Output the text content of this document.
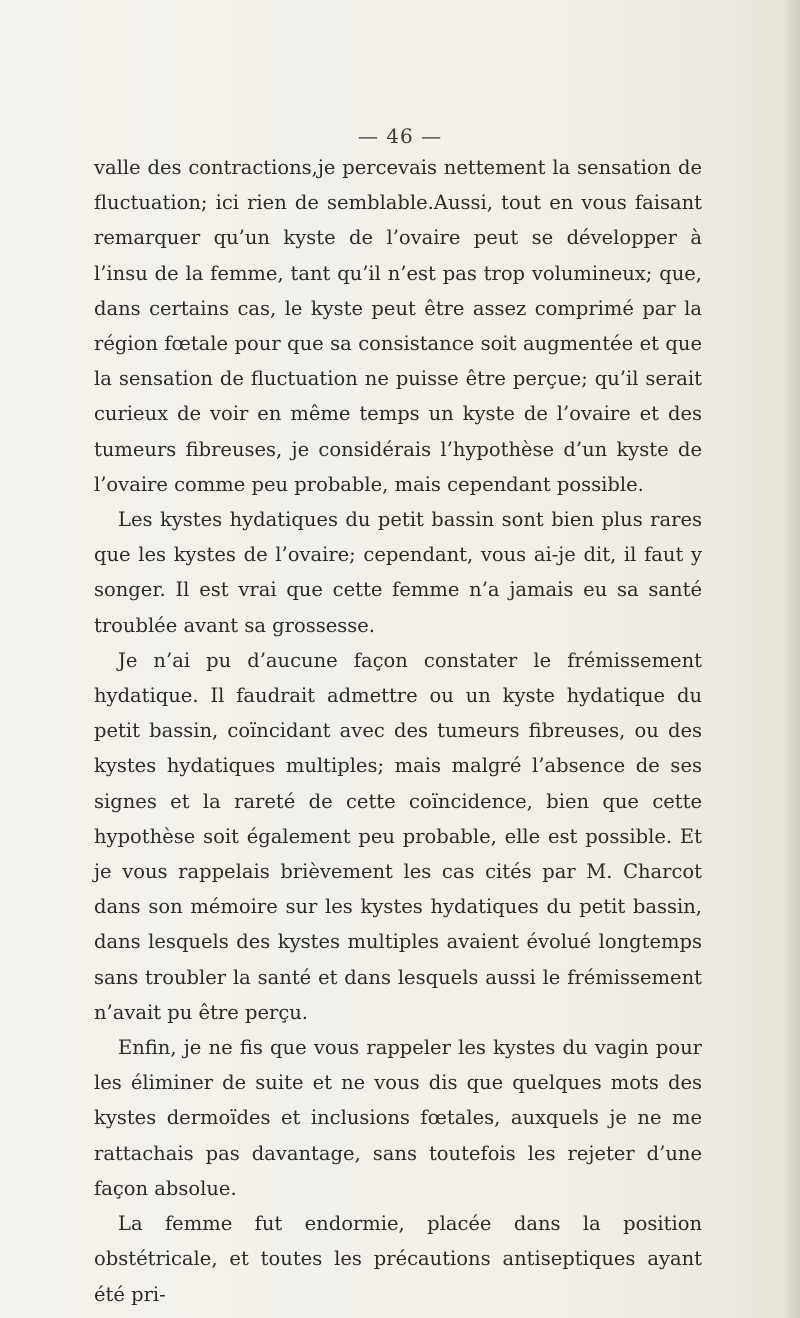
— 46 —

valle des contractions,je percevais nettement la sensation de fluctuation; ici rien de semblable.Aussi, tout en vous faisant remarquer qu’un kyste de l’ovaire peut se développer à l’insu de la femme, tant qu’il n’est pas trop volumineux; que, dans certains cas, le kyste peut être assez comprimé par la région fœtale pour que sa consistance soit augmentée et que la sensation de fluctuation ne puisse être perçue; qu’il serait curieux de voir en même temps un kyste de l’ovaire et des tumeurs fibreuses, je considérais l’hypothèse d’un kyste de l’ovaire comme peu probable, mais cependant possible.

Les kystes hydatiques du petit bassin sont bien plus rares que les kystes de l’ovaire; cependant, vous ai-je dit, il faut y songer. Il est vrai que cette femme n’a jamais eu sa santé troublée avant sa grossesse.

Je n’ai pu d’aucune façon constater le frémissement hydatique. Il faudrait admettre ou un kyste hydatique du petit bassin, coïncidant avec des tumeurs fibreuses, ou des kystes hydatiques multiples; mais malgré l’absence de ses signes et la rareté de cette coïncidence, bien que cette hypothèse soit également peu probable, elle est possible. Et je vous rappelais brièvement les cas cités par M. Charcot dans son mémoire sur les kystes hydatiques du petit bassin, dans lesquels des kystes multiples avaient évolué longtemps sans troubler la santé et dans lesquels aussi le frémissement n’avait pu être perçu.

Enfin, je ne fis que vous rappeler les kystes du vagin pour les éliminer de suite et ne vous dis que quelques mots des kystes dermoïdes et inclusions fœtales, auxquels je ne me rattachais pas davantage, sans toutefois les rejeter d’une façon absolue.

La femme fut endormie, placée dans la position obstétricale, et toutes les précautions antiseptiques ayant été pri-
